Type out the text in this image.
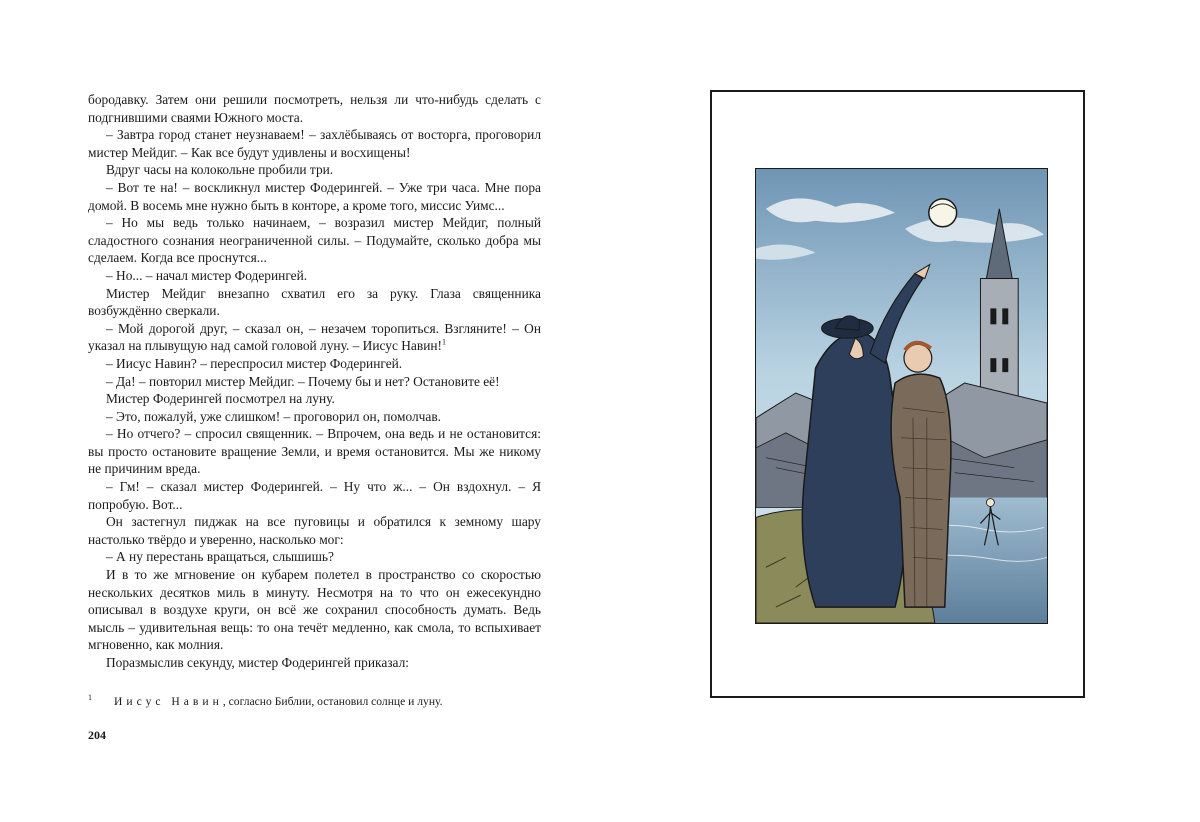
бородавку. Затем они решили посмотреть, нельзя ли что-нибудь сделать с подгнившими сваями Южного моста.

– Завтра город станет неузнаваем! – захлёбываясь от восторга, проговорил мистер Мейдиг. – Как все будут удивлены и восхищены!

Вдруг часы на колокольне пробили три.

– Вот те на! – воскликнул мистер Фодерингей. – Уже три часа. Мне пора домой. В восемь мне нужно быть в конторе, а кроме того, миссис Уимс...

– Но мы ведь только начинаем, – возразил мистер Мейдиг, полный сладостного сознания неограниченной силы. – Подумайте, сколько добра мы сделаем. Когда все проснутся...

– Но... – начал мистер Фодерингей.

Мистер Мейдиг внезапно схватил его за руку. Глаза священника возбуждённо сверкали.

– Мой дорогой друг, – сказал он, – незачем торопиться. Взгляните! – Он указал на плывущую над самой головой луну. – Иисус Навин!$^1$

– Иисус Навин? – переспросил мистер Фодерингей.

– Да! – повторил мистер Мейдиг. – Почему бы и нет? Остановите её!

Мистер Фодерингей посмотрел на луну.

– Это, пожалуй, уже слишком! – проговорил он, помолчав.

– Но отчего? – спросил священник. – Впрочем, она ведь и не остановится: вы просто остановите вращение Земли, и время остановится. Мы же никому не причиним вреда.

– Гм! – сказал мистер Фодерингей. – Ну что ж... – Он вздохнул. – Я попробую. Вот...

Он застегнул пиджак на все пуговицы и обратился к земному шару настолько твёрдо и уверенно, насколько мог:

– А ну перестань вращаться, слышишь?

И в то же мгновение он кубарем полетел в пространство со скоростью нескольких десятков миль в минуту. Несмотря на то что он ежесекундно описывал в воздухе круги, он всё же сохранил способность думать. Ведь мысль – удивительная вещь: то она течёт медленно, как смола, то вспыхивает мгновенно, как молния.

Поразмыслив секунду, мистер Фодерингей приказал:

$^1$ Иисус Навин, согласно Библии, остановил солнце и луну.
204
